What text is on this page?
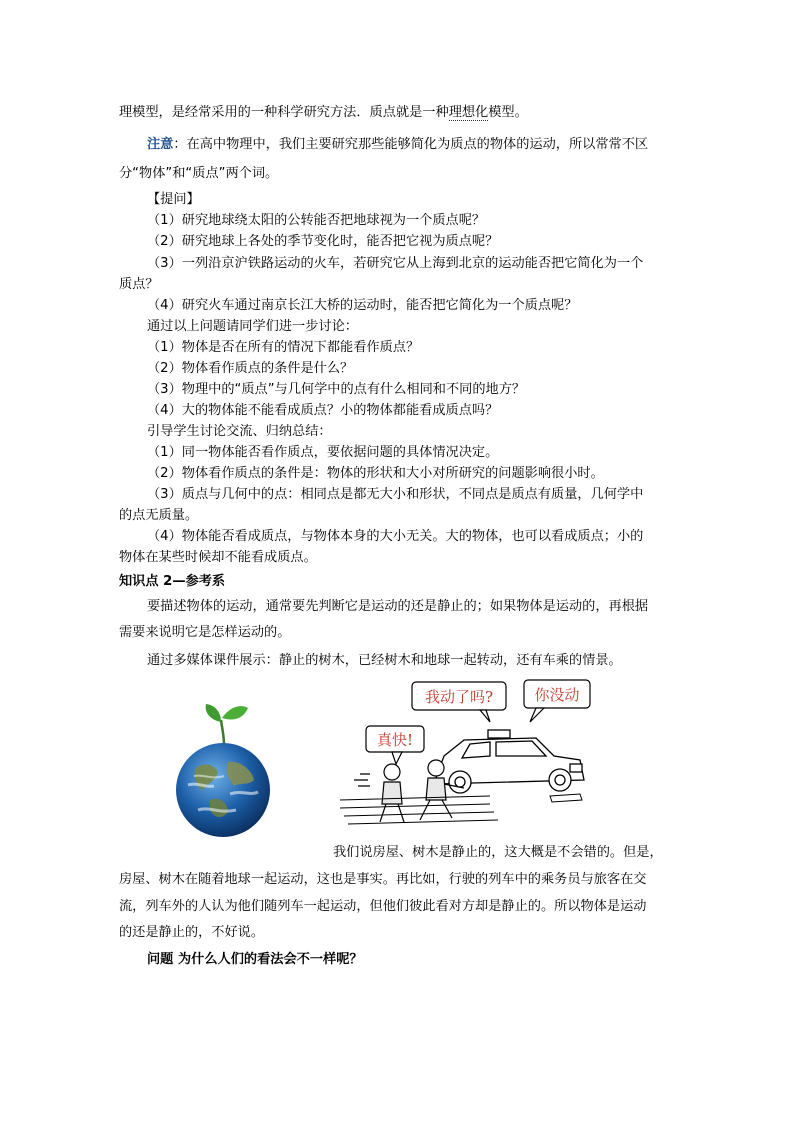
理模型，是经常采用的一种科学研究方法．质点就是一种理想化模型。
注意：在高中物理中，我们主要研究那些能够简化为质点的物体的运动，所以常常不区
分“物体”和“质点”两个词。
【提问】
（1）研究地球绕太阳的公转能否把地球视为一个质点呢？
（2）研究地球上各处的季节变化时，能否把它视为质点呢？
（3）一列沿京沪铁路运动的火车，若研究它从上海到北京的运动能否把它简化为一个
质点？
（4）研究火车通过南京长江大桥的运动时，能否把它简化为一个质点呢？
通过以上问题请同学们进一步讨论：
（1）物体是否在所有的情况下都能看作质点？
（2）物体看作质点的条件是什么？
（3）物理中的“质点”与几何学中的点有什么相同和不同的地方？
（4）大的物体能不能看成质点？小的物体都能看成质点吗？
引导学生讨论交流、归纳总结：
（1）同一物体能否看作质点，要依据问题的具体情况决定。
（2）物体看作质点的条件是：物体的形状和大小对所研究的问题影响很小时。
（3）质点与几何中的点：相同点是都无大小和形状，不同点是质点有质量，几何学中
的点无质量。
（4）物体能否看成质点，与物体本身的大小无关。大的物体，也可以看成质点；小的
物体在某些时候却不能看成质点。
知识点 2—参考系
要描述物体的运动，通常要先判断它是运动的还是静止的；如果物体是运动的，再根据
需要来说明它是怎样运动的。
通过多媒体课件展示：静止的树木，已经树木和地球一起转动，还有车乘的情景。
我动了吗?	你没动
真快!
我们说房屋、树木是静止的，这大概是不会错的。但是，
房屋、树木在随着地球一起运动，这也是事实。再比如，行驶的列车中的乘务员与旅客在交
流，列车外的人认为他们随列车一起运动，但他们彼此看对方却是静止的。所以物体是运动
的还是静止的，不好说。
问题 为什么人们的看法会不一样呢？
